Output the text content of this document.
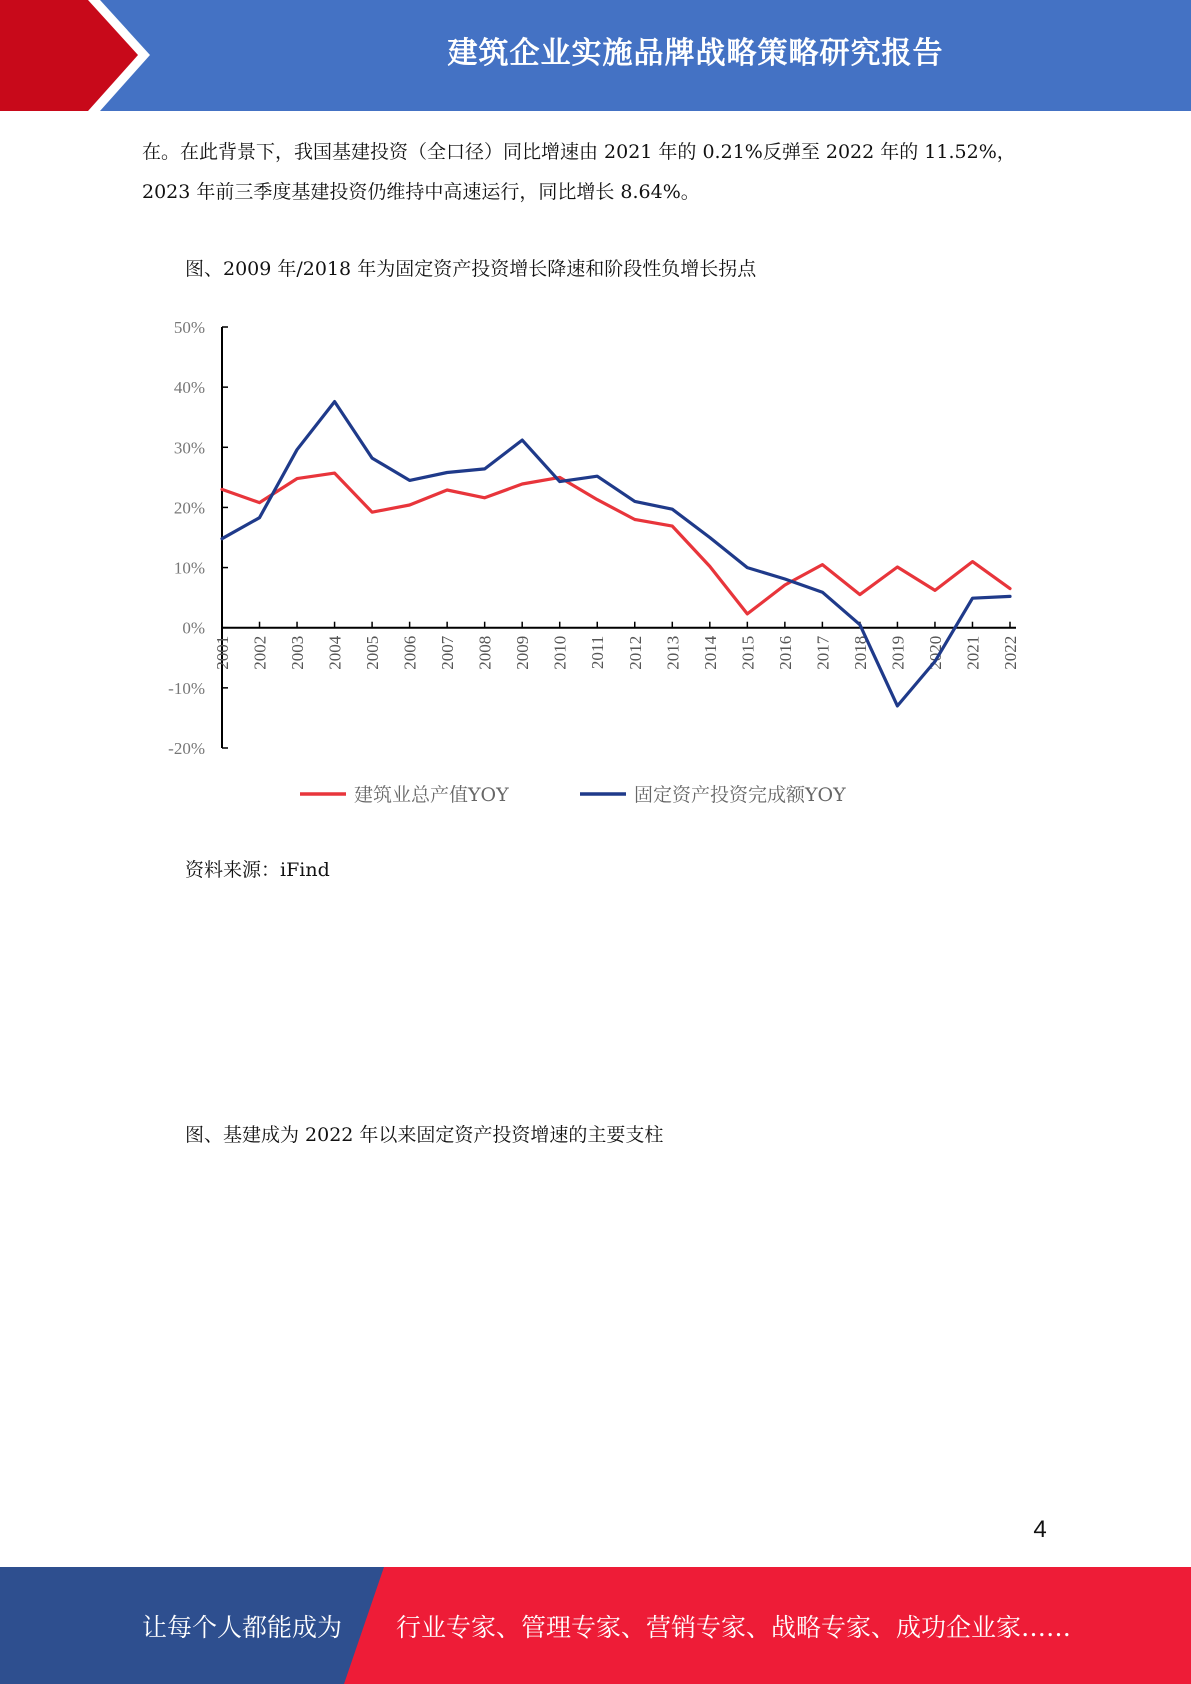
建筑企业实施品牌战略策略研究报告
在。在此背景下，我国基建投资（全口径）同比增速由 2021 年的 0.21%反弹至 2022 年的 11.52%，
2023 年前三季度基建投资仍维持中高速运行，同比增长 8.64%。
图、2009 年/2018 年为固定资产投资增长降速和阶段性负增长拐点
50%
40%
30%
20%
10%
0%
-10%
-20%
2001 2002 2003 2004 2005 2006 2007 2008 2009 2010 2011 2012 2013 2014 2015 2016 2017 2018 2019 2020 2021 2022
建筑业总产值YOY	固定资产投资完成额YOY
资料来源：iFind
图、基建成为 2022 年以来固定资产投资增速的主要支柱
4
让每个人都能成为 行业专家、管理专家、营销专家、战略专家、成功企业家……
